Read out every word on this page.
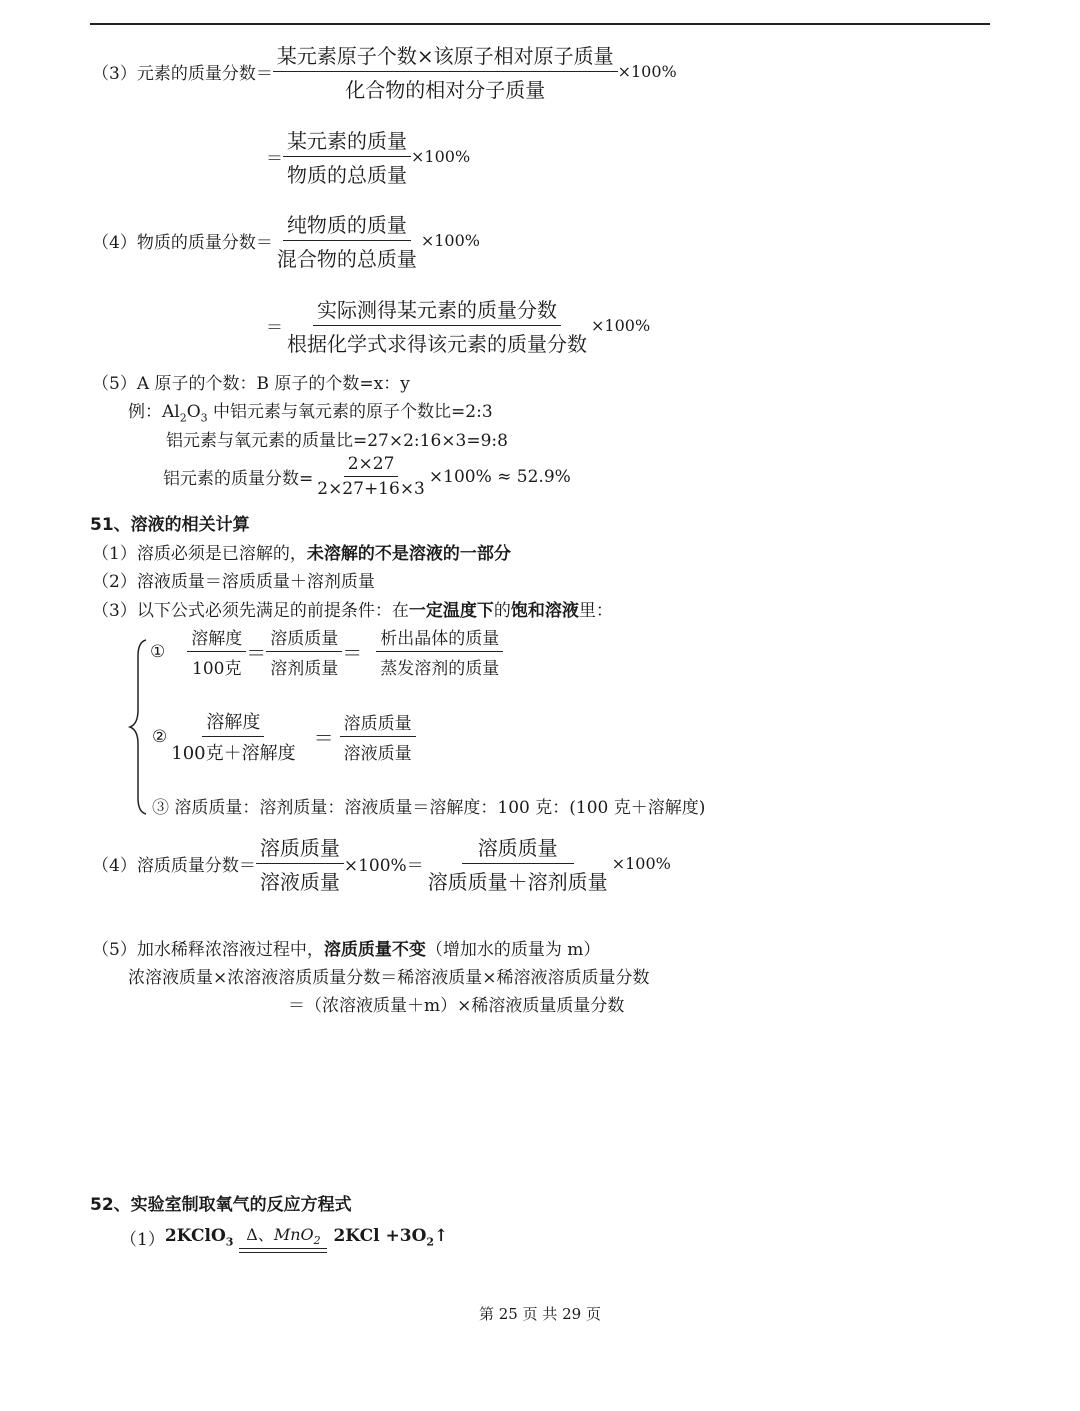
（3）元素的质量分数＝ $\frac{\text{某元素原子个数×该原子相对原子质量}}{\text{化合物的相对分子质量}} \times 100\%$
＝ $\frac{\text{某元素的质量}}{\text{物质的总质量}} \times 100\%$
（4）物质的质量分数＝ $\frac{\text{纯物质的质量}}{\text{混合物的总质量}} \times 100\%$
＝ $\frac{\text{实际测得某元素的质量分数}}{\text{根据化学式求得该元素的质量分数}} \times 100\%$
（5）A 原子的个数：B 原子的个数=x：y
例：$Al_2O_3$ 中铝元素与氧元素的原子个数比=2:3
铝元素与氧元素的质量比=27×2:16×3=9:8
铝元素的质量分数= $\frac{2\times 27}{2\times 27+16\times 3} \times 100\% \approx 52.9\%$
51、溶液的相关计算
（1）溶质必须是已溶解的，未溶解的不是溶液的一部分
（2）溶液质量＝溶质质量＋溶剂质量
（3）以下公式必须先满足的前提条件：在一定温度下的饱和溶液里：
① $\frac{\text{溶解度}}{\text{100克}} = \frac{\text{溶质质量}}{\text{溶剂质量}} = \frac{\text{析出晶体的质量}}{\text{蒸发溶剂的质量}}$
② $\frac{\text{溶解度}}{\text{100克＋溶解度}} = \frac{\text{溶质质量}}{\text{溶液质量}}$
③ 溶质质量：溶剂质量：溶液质量＝溶解度：100 克：(100 克＋溶解度)
（4）溶质质量分数＝ $\frac{\text{溶质质量}}{\text{溶液质量}} \times 100\%= \frac{\text{溶质质量}}{\text{溶质质量＋溶剂质量}} \times 100\%$
（5）加水稀释浓溶液过程中，溶质质量不变（增加水的质量为 m）
浓溶液质量×浓溶液溶质质量分数＝稀溶液质量×稀溶液溶质质量分数
＝（浓溶液质量＋m）×稀溶液质量质量分数
52、实验室制取氧气的反应方程式
（1） 2KClO$_3$ Δ、MnO$_2$ $2KCl +3O_2↑$
第 25 页 共 29 页
